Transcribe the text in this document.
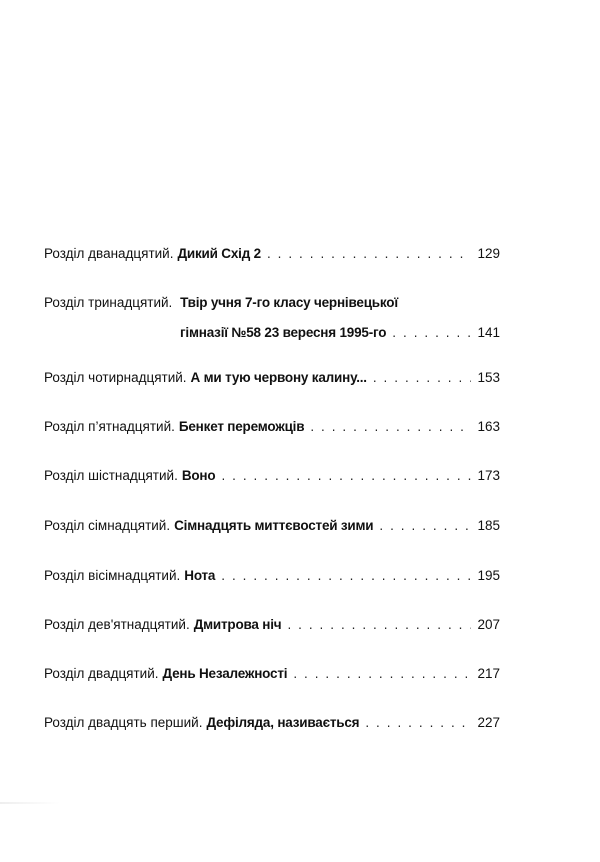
Розділ дванадцятий. Дикий Схід 2 . . .	129
Розділ тринадцятий. Твір учня 7-го класу чернівецької
гімназії №58 23 вересня 1995-го . . .	141
Розділ чотирнадцятий. А ми тую червону калину... . . .	153
Розділ п’ятнадцятий. Бенкет переможців . . .	163
Розділ шістнадцятий. Воно . . .	173
Розділ сімнадцятий. Сімнадцять миттєвостей зими . . .	185
Розділ вісімнадцятий. Нота . . .	195
Розділ дев'ятнадцятий. Дмитрова ніч . . .	207
Розділ двадцятий. День Незалежності . . .	217
Розділ двадцять перший. Дефіляда, називається . . .	227
